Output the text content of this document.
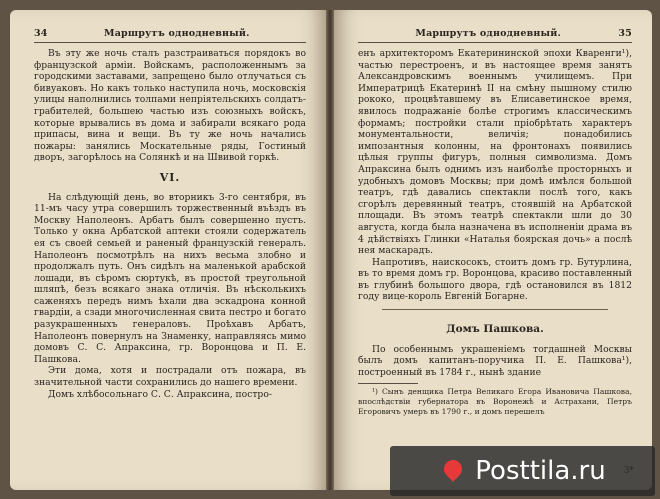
34	Маршрутъ однодневный.

Въ эту же ночь сталъ разстраиваться порядокъ во французской арміи. Войскамъ, расположеннымъ за городскими заставами, запрещено было отлучаться съ бивуаковъ. Но какъ только наступила ночь, московскія улицы наполнились толпами непріятельскихъ солдатъ-грабителей, большею частью изъ союзныхъ войскъ, которые врывались въ дома и забирали всякаго рода припасы, вина и вещи. Въ ту же ночь начались пожары: занялись Москательные ряды, Гостиный дворъ, загорѣлось на Солянкѣ и на Швивой горкѣ.

VI.

На слѣдующій день, во вторникъ 3-го сентября, въ 11-мъ часу утра совершилъ торжественный въѣздъ въ Москву Наполеонъ. Арбатъ былъ совершенно пустъ. Только у окна Арбатской аптеки стояли содержатель ея съ своей семьей и раненый французскій генералъ. Наполеонъ посмотрѣлъ на нихъ весьма злобно и продолжалъ путь. Онъ сидѣлъ на маленькой арабской лошади, въ сѣромъ сюртукѣ, въ простой треугольной шляпѣ, безъ всякаго знака отличія. Въ нѣсколькихъ саженяхъ передъ нимъ ѣхали два эскадрона конной гвардіи, а сзади многочисленная свита пестро и богато разукрашенныхъ генераловъ. Проѣхавъ Арбатъ, Наполеонъ повернулъ на Знаменку, направляясь мимо домовъ С. С. Апраксина, гр. Воронцова и П. Е. Пашкова.

Эти дома, хотя и пострадали отъ пожара, въ значительной части сохранились до нашего времени.

Домъ хлѣбосольнаго С. С. Апраксина, постро-

Маршрутъ однодневный.	35

енъ архитекторомъ Екатерининской эпохи Кваренги¹), частью перестроенъ, и въ настоящее время занятъ Александровскимъ военнымъ училищемъ. При Императрицѣ Екатеринѣ II на смѣну пышному стилю рококо, процвѣтавшему въ Елисаветинское время, явилось подражаніе болѣе строгимъ классическимъ формамъ; постройки стали пріобрѣтать характеръ монументальности, величія; понадобились импозантныя колонны, на фронтонахъ появились цѣлыя группы фигуръ, полныя символизма. Домъ Апраксина былъ однимъ изъ наиболѣе просторныхъ и удобныхъ домовъ Москвы; при домѣ имѣлся большой театръ, гдѣ давались спектакли послѣ того, какъ сгорѣлъ деревянный театръ, стоявшій на Арбатской площади. Въ этомъ театрѣ спектакли шли до 30 августа, когда была назначена въ исполненіи драма въ 4 дѣйствіяхъ Глинки «Наталья боярская дочь» а послѣ нея маскарадъ.

Напротивъ, наискосокъ, стоитъ домъ гр. Бутурлина, въ то время домъ гр. Воронцова, красиво поставленный въ глубинѣ большого двора, гдѣ остановился въ 1812 году вице-король Евгеній Богарне.

Домъ Пашкова.

По особеннымъ украшеніемъ тогдашней Москвы былъ домъ капитанъ-поручика П. Е. Пашкова¹), построенный въ 1784 г., нынѣ здание

¹) Сынъ денщика Петра Великаго Егора Ивановича Пашкова, впослѣдствіи губернатора въ Воронежѣ и Астрахани, Петръ Егоровичъ умеръ въ 1790 г., и домъ перешелъ

Posttila.ru
